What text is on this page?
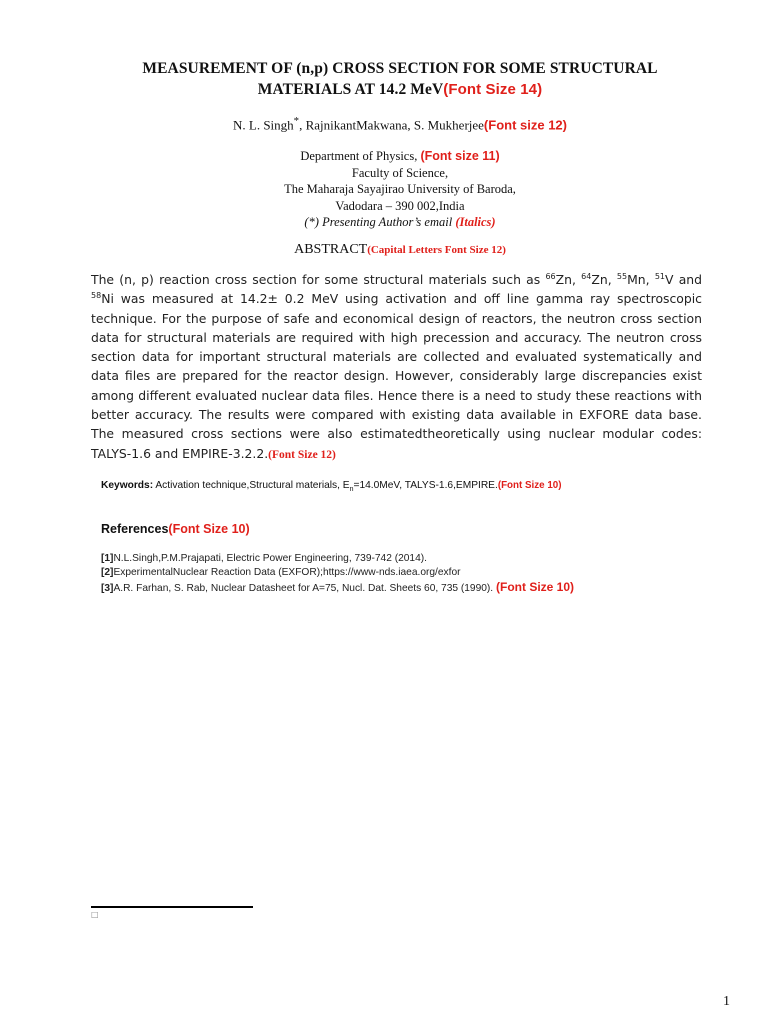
MEASUREMENT OF (n,p) CROSS SECTION FOR SOME STRUCTURAL
MATERIALS AT 14.2 MeV(Font Size 14)
N. L. Singh*, RajnikantMakwana, S. Mukherjee(Font size 12)
Department of Physics, (Font size 11)
Faculty of Science,
The Maharaja Sayajirao University of Baroda,
Vadodara – 390 002,India
(*) Presenting Author’s email (Italics)
ABSTRACT(Capital Letters Font Size 12)
The (n, p) reaction cross section for some structural materials such as $^{66}$Zn, $^{64}$Zn, $^{55}$Mn, $^{51}$V and $^{58}$Ni was measured at 14.2± 0.2 MeV using activation and off line gamma ray spectroscopic technique. For the purpose of safe and economical design of reactors, the neutron cross section data for structural materials are required with high precession and accuracy. The neutron cross section data for important structural materials are collected and evaluated systematically and data files are prepared for the reactor design. However, considerably large discrepancies exist among different evaluated nuclear data files. Hence there is a need to study these reactions with better accuracy. The results were compared with existing data available in EXFORE data base. The measured cross sections were also estimatedtheoretically using nuclear modular codes: TALYS-1.6 and EMPIRE-3.2.2.(Font Size 12)
Keywords: Activation technique,Structural materials, $E_n=14.0MeV$, TALYS-1.6,EMPIRE.(Font Size 10)
References(Font Size 10)
[1]N.L.Singh,P.M.Prajapati, Electric Power Engineering, 739-742 (2014).
[2]ExperimentalNuclear Reaction Data (EXFOR);https://www-nds.iaea.org/exfor
[3]A.R. Farhan, S. Rab, Nuclear Datasheet for A=75, Nucl. Dat. Sheets 60, 735 (1990). (Font Size 10)
□
1
